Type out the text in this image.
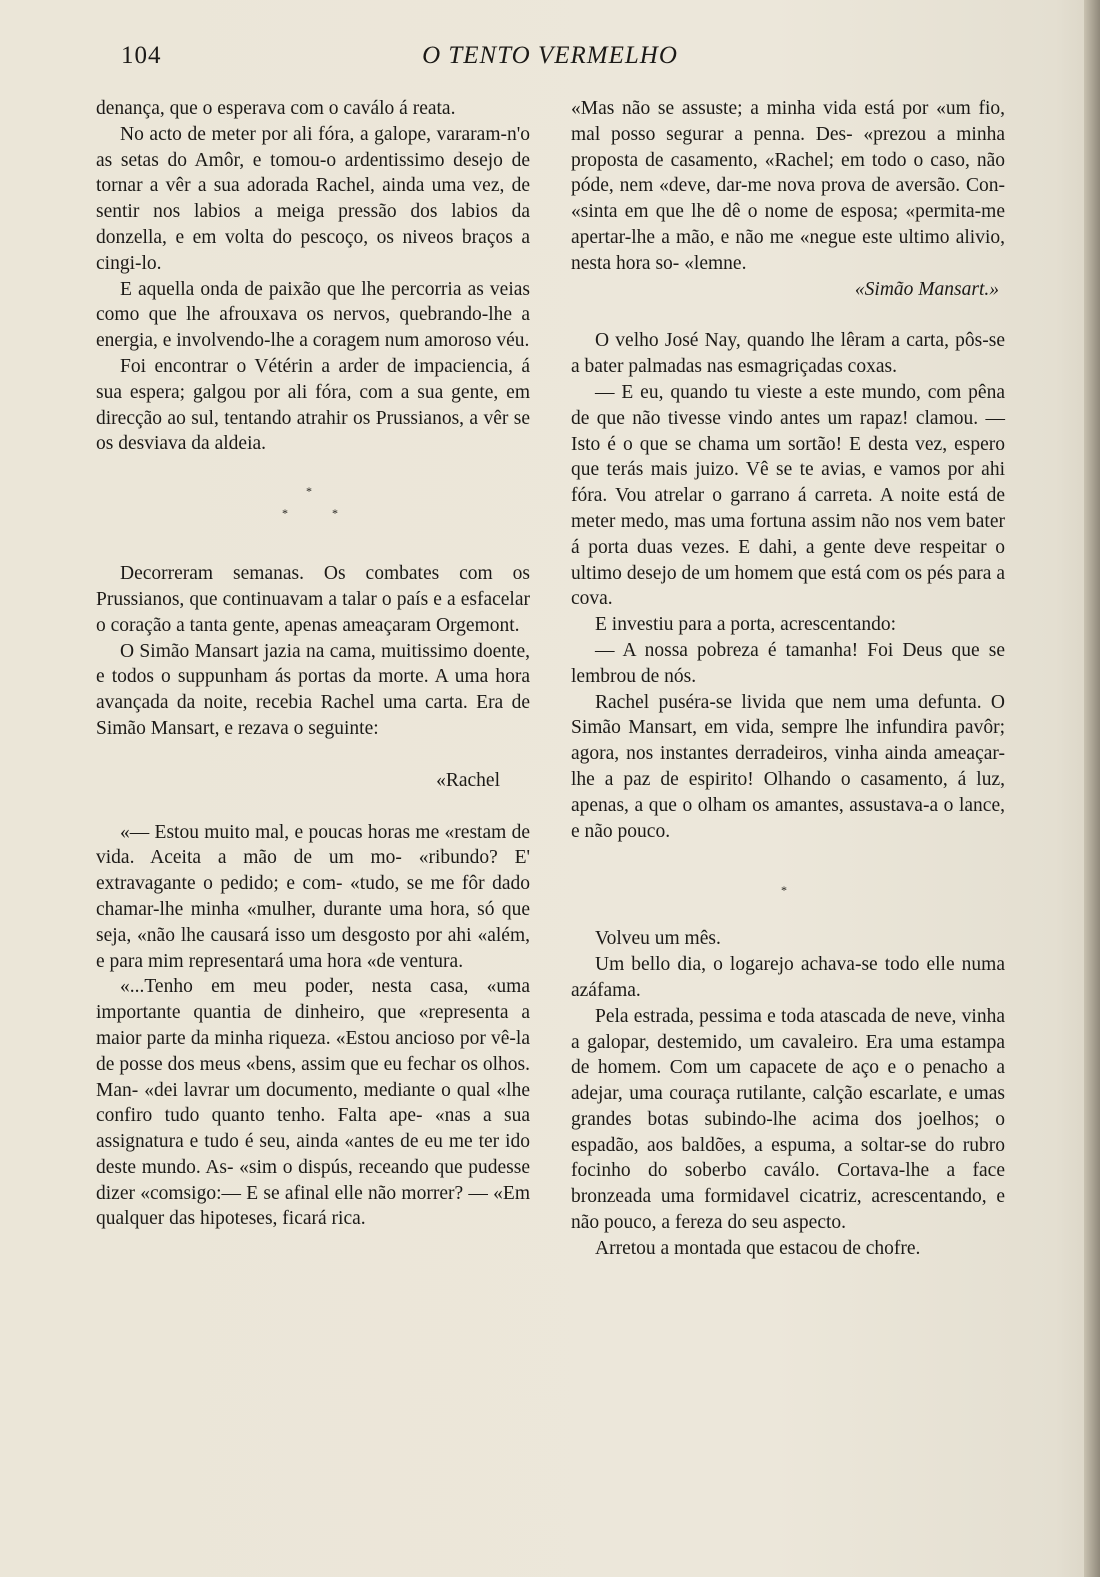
104	O TENTO VERMELHO

denança, que o esperava com o caválo á reata.

No acto de meter por ali fóra, a galope, vararam-n'o as setas do Amôr, e tomou-o ardentissimo desejo de tornar a vêr a sua adorada Rachel, ainda uma vez, de sentir nos labios a meiga pressão dos labios da donzella, e em volta do pescoço, os niveos braços a cingi-lo.

E aquella onda de paixão que lhe percorria as veias como que lhe afrouxava os nervos, quebrando-lhe a energia, e involvendo-lhe a coragem num amoroso véu.

Foi encontrar o Vétérin a arder de impaciencia, á sua espera; galgou por ali fóra, com a sua gente, em direcção ao sul, tentando atrahir os Prussianos, a vêr se os desviava da aldeia.

*
*	*

Decorreram semanas. Os combates com os Prussianos, que continuavam a talar o país e a esfacelar o coração a tanta gente, apenas ameaçaram Orgemont.

O Simão Mansart jazia na cama, muitissimo doente, e todos o suppunham ás portas da morte. A uma hora avançada da noite, recebia Rachel uma carta. Era de Simão Mansart, e rezava o seguinte:

«Rachel

«— Estou muito mal, e poucas horas me «restam de vida. Aceita a mão de um mo- «ribundo? E' extravagante o pedido; e com- «tudo, se me fôr dado chamar-lhe minha «mulher, durante uma hora, só que seja, «não lhe causará isso um desgosto por ahi «além, e para mim representará uma hora «de ventura.

«...Tenho em meu poder, nesta casa, «uma importante quantia de dinheiro, que «representa a maior parte da minha riqueza. «Estou ancioso por vê-la de posse dos meus «bens, assim que eu fechar os olhos. Man- «dei lavrar um documento, mediante o qual «lhe confiro tudo quanto tenho. Falta ape- «nas a sua assignatura e tudo é seu, ainda «antes de eu me ter ido deste mundo. As- «sim o dispús, receando que pudesse dizer «comsigo:— E se afinal elle não morrer? — «Em qualquer das hipoteses, ficará rica.

«Mas não se assuste; a minha vida está por «um fio, mal posso segurar a penna. Des- «prezou a minha proposta de casamento, «Rachel; em todo o caso, não póde, nem «deve, dar-me nova prova de aversão. Con- «sinta em que lhe dê o nome de esposa; «permita-me apertar-lhe a mão, e não me «negue este ultimo alivio, nesta hora so- «lemne.

«Simão Mansart.»

O velho José Nay, quando lhe lêram a carta, pôs-se a bater palmadas nas esmagriçadas coxas.

— E eu, quando tu vieste a este mundo, com pêna de que não tivesse vindo antes um rapaz! clamou. — Isto é o que se chama um sortão! E desta vez, espero que terás mais juizo. Vê se te avias, e vamos por ahi fóra. Vou atrelar o garrano á carreta. A noite está de meter medo, mas uma fortuna assim não nos vem bater á porta duas vezes. E dahi, a gente deve respeitar o ultimo desejo de um homem que está com os pés para a cova.

E investiu para a porta, acrescentando:

— A nossa pobreza é tamanha! Foi Deus que se lembrou de nós.

Rachel puséra-se livida que nem uma defunta. O Simão Mansart, em vida, sempre lhe infundira pavôr; agora, nos instantes derradeiros, vinha ainda ameaçar-lhe a paz de espirito! Olhando o casamento, á luz, apenas, a que o olham os amantes, assustava-a o lance, e não pouco.

*

Volveu um mês.

Um bello dia, o logarejo achava-se todo elle numa azáfama.

Pela estrada, pessima e toda atascada de neve, vinha a galopar, destemido, um cavaleiro. Era uma estampa de homem. Com um capacete de aço e o penacho a adejar, uma couraça rutilante, calção escarlate, e umas grandes botas subindo-lhe acima dos joelhos; o espadão, aos baldões, a espuma, a soltar-se do rubro focinho do soberbo caválo. Cortava-lhe a face bronzeada uma formidavel cicatriz, acrescentando, e não pouco, a fereza do seu aspecto.

Arretou a montada que estacou de chofre.
